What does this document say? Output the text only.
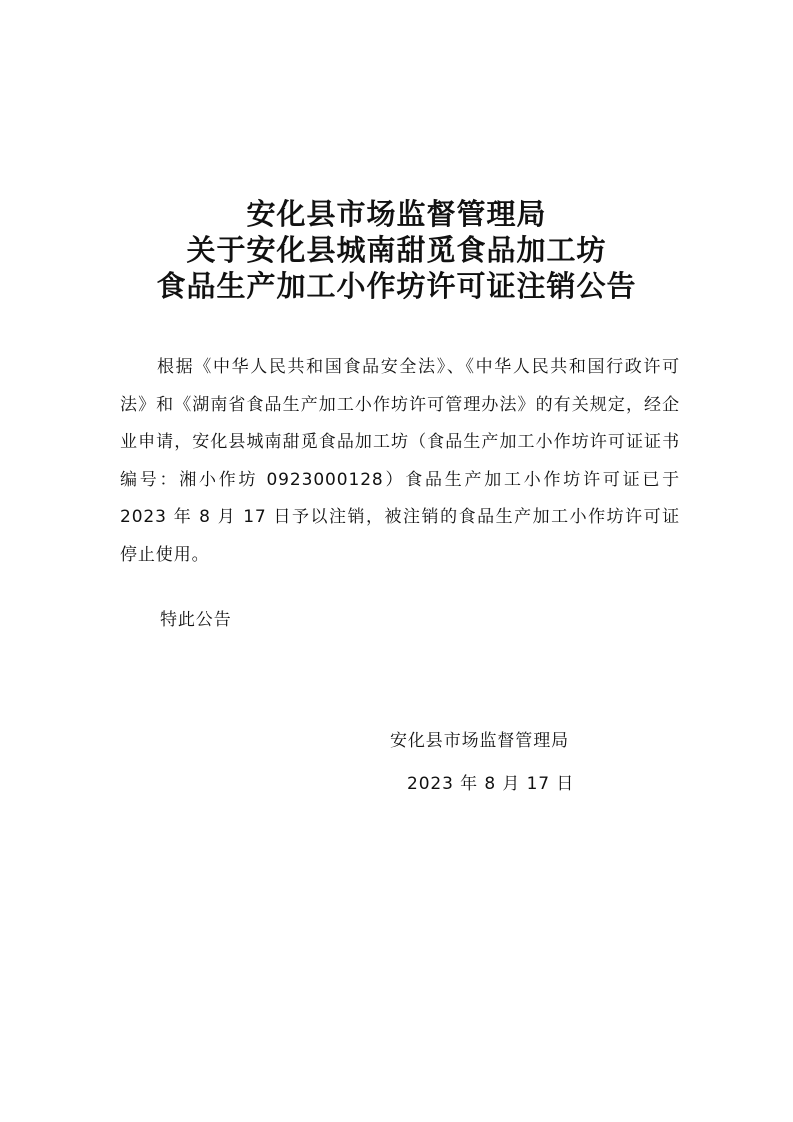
安化县市场监督管理局
关于安化县城南甜觅食品加工坊
食品生产加工小作坊许可证注销公告

根据《中华人民共和国食品安全法》、《中华人民共和国行政许可法》和《湖南省食品生产加工小作坊许可管理办法》的有关规定，经企业申请，安化县城南甜觅食品加工坊（食品生产加工小作坊许可证证书编号：湘小作坊 0923000128）食品生产加工小作坊许可证已于 2023 年 8 月 17 日予以注销，被注销的食品生产加工小作坊许可证停止使用。

特此公告
安化县市场监督管理局
2023 年 8 月 17 日
